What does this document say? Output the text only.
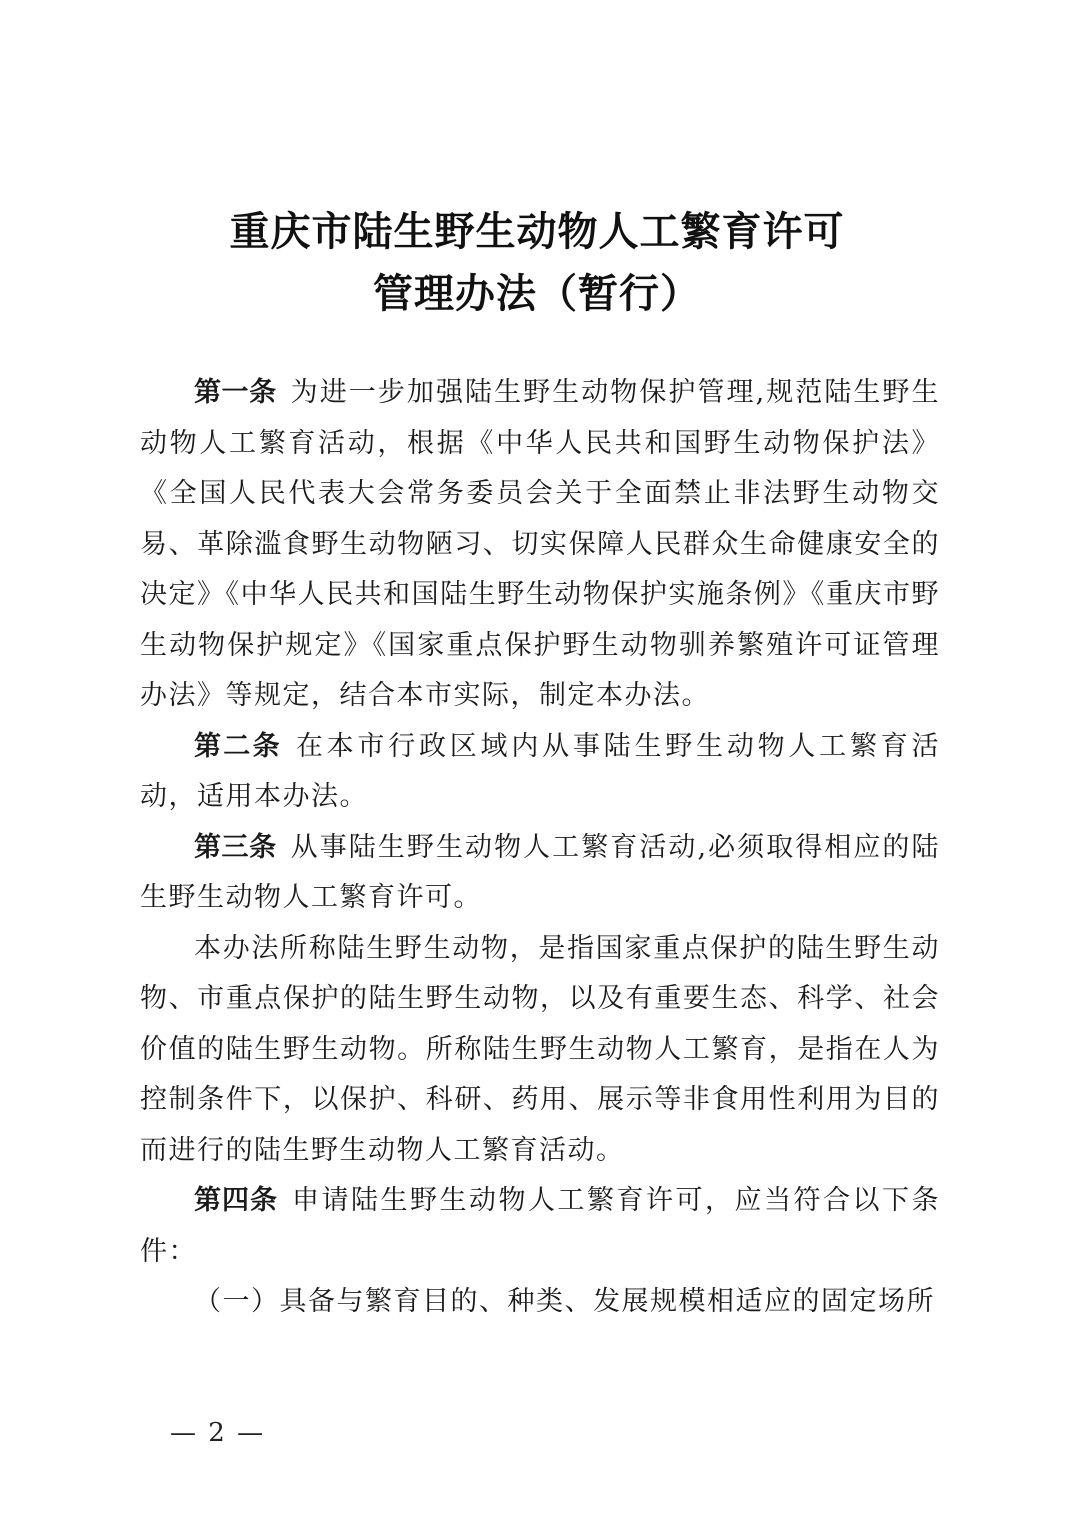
重庆市陆生野生动物人工繁育许可
管理办法（暂行）

第一条 为进一步加强陆生野生动物保护管理,规范陆生野生动物人工繁育活动，根据《中华人民共和国野生动物保护法》《全国人民代表大会常务委员会关于全面禁止非法野生动物交易、革除滥食野生动物陋习、切实保障人民群众生命健康安全的决定》《中华人民共和国陆生野生动物保护实施条例》《重庆市野生动物保护规定》《国家重点保护野生动物驯养繁殖许可证管理办法》等规定，结合本市实际，制定本办法。

第二条 在本市行政区域内从事陆生野生动物人工繁育活动，适用本办法。

第三条 从事陆生野生动物人工繁育活动,必须取得相应的陆生野生动物人工繁育许可。

本办法所称陆生野生动物，是指国家重点保护的陆生野生动物、市重点保护的陆生野生动物，以及有重要生态、科学、社会价值的陆生野生动物。所称陆生野生动物人工繁育，是指在人为控制条件下，以保护、科研、药用、展示等非食用性利用为目的而进行的陆生野生动物人工繁育活动。

第四条 申请陆生野生动物人工繁育许可，应当符合以下条件：

（一）具备与繁育目的、种类、发展规模相适应的固定场所

— 2 —
